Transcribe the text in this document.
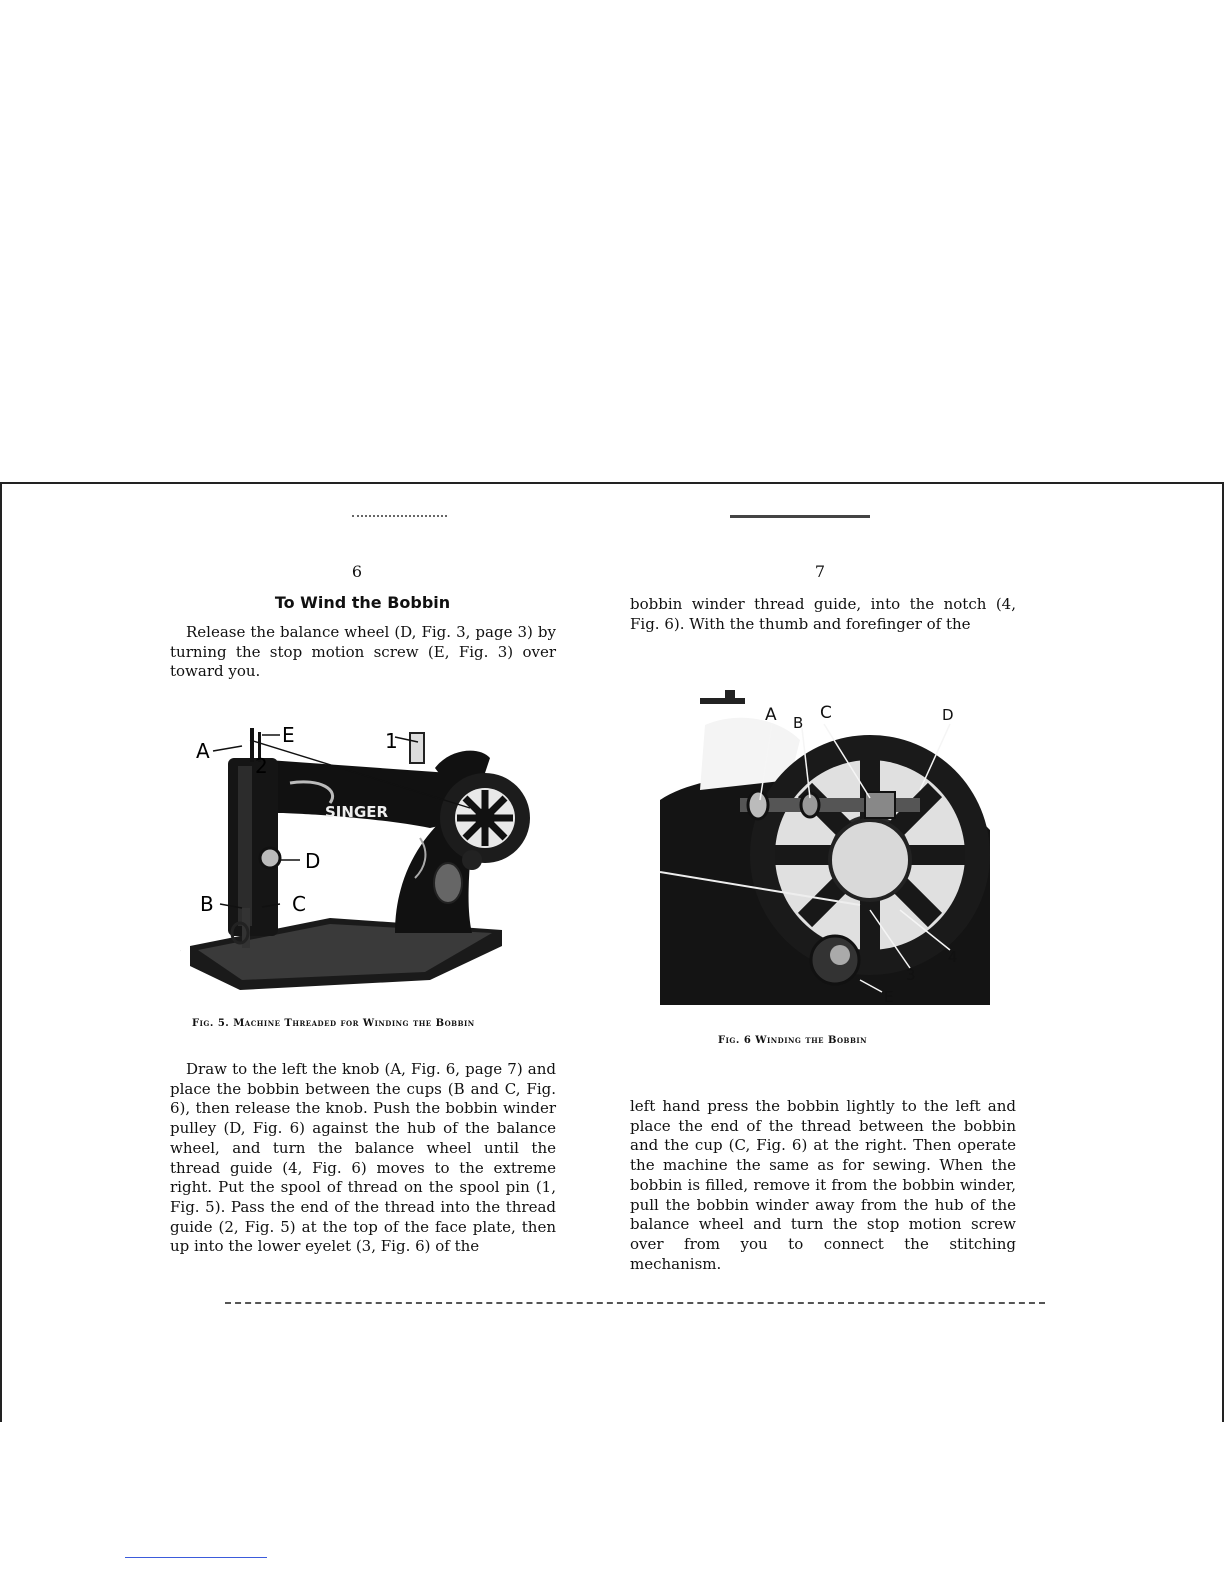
6
To Wind the Bobbin

Release the balance wheel (D, Fig. 3, page 3) by turning the stop motion screw (E, Fig. 3) over toward you.

SINGER
E	1
A
2
D
B	C
Fig. 5. Machine Threaded for Winding the Bobbin

Draw to the left the knob (A, Fig. 6, page 7) and place the bobbin between the cups (B and C, Fig. 6), then release the knob. Push the bobbin winder pulley (D, Fig. 6) against the hub of the balance wheel, and turn the balance wheel until the thread guide (4, Fig. 6) moves to the extreme right. Put the spool of thread on the spool pin (1, Fig. 5). Pass the end of the thread into the thread guide (2, Fig. 5) at the top of the face plate, then up into the lower eyelet (3, Fig. 6) of the

7

bobbin winder thread guide, into the notch (4, Fig. 6). With the thumb and forefinger of the

A B C	D
4
3
E
Fig. 6 Winding the Bobbin

left hand press the bobbin lightly to the left and place the end of the thread between the bobbin and the cup (C, Fig. 6) at the right. Then operate the machine the same as for sewing. When the bobbin is filled, remove it from the bobbin winder, pull the bobbin winder away from the hub of the balance wheel and turn the stop motion screw over from you to connect the stitching mechanism.
